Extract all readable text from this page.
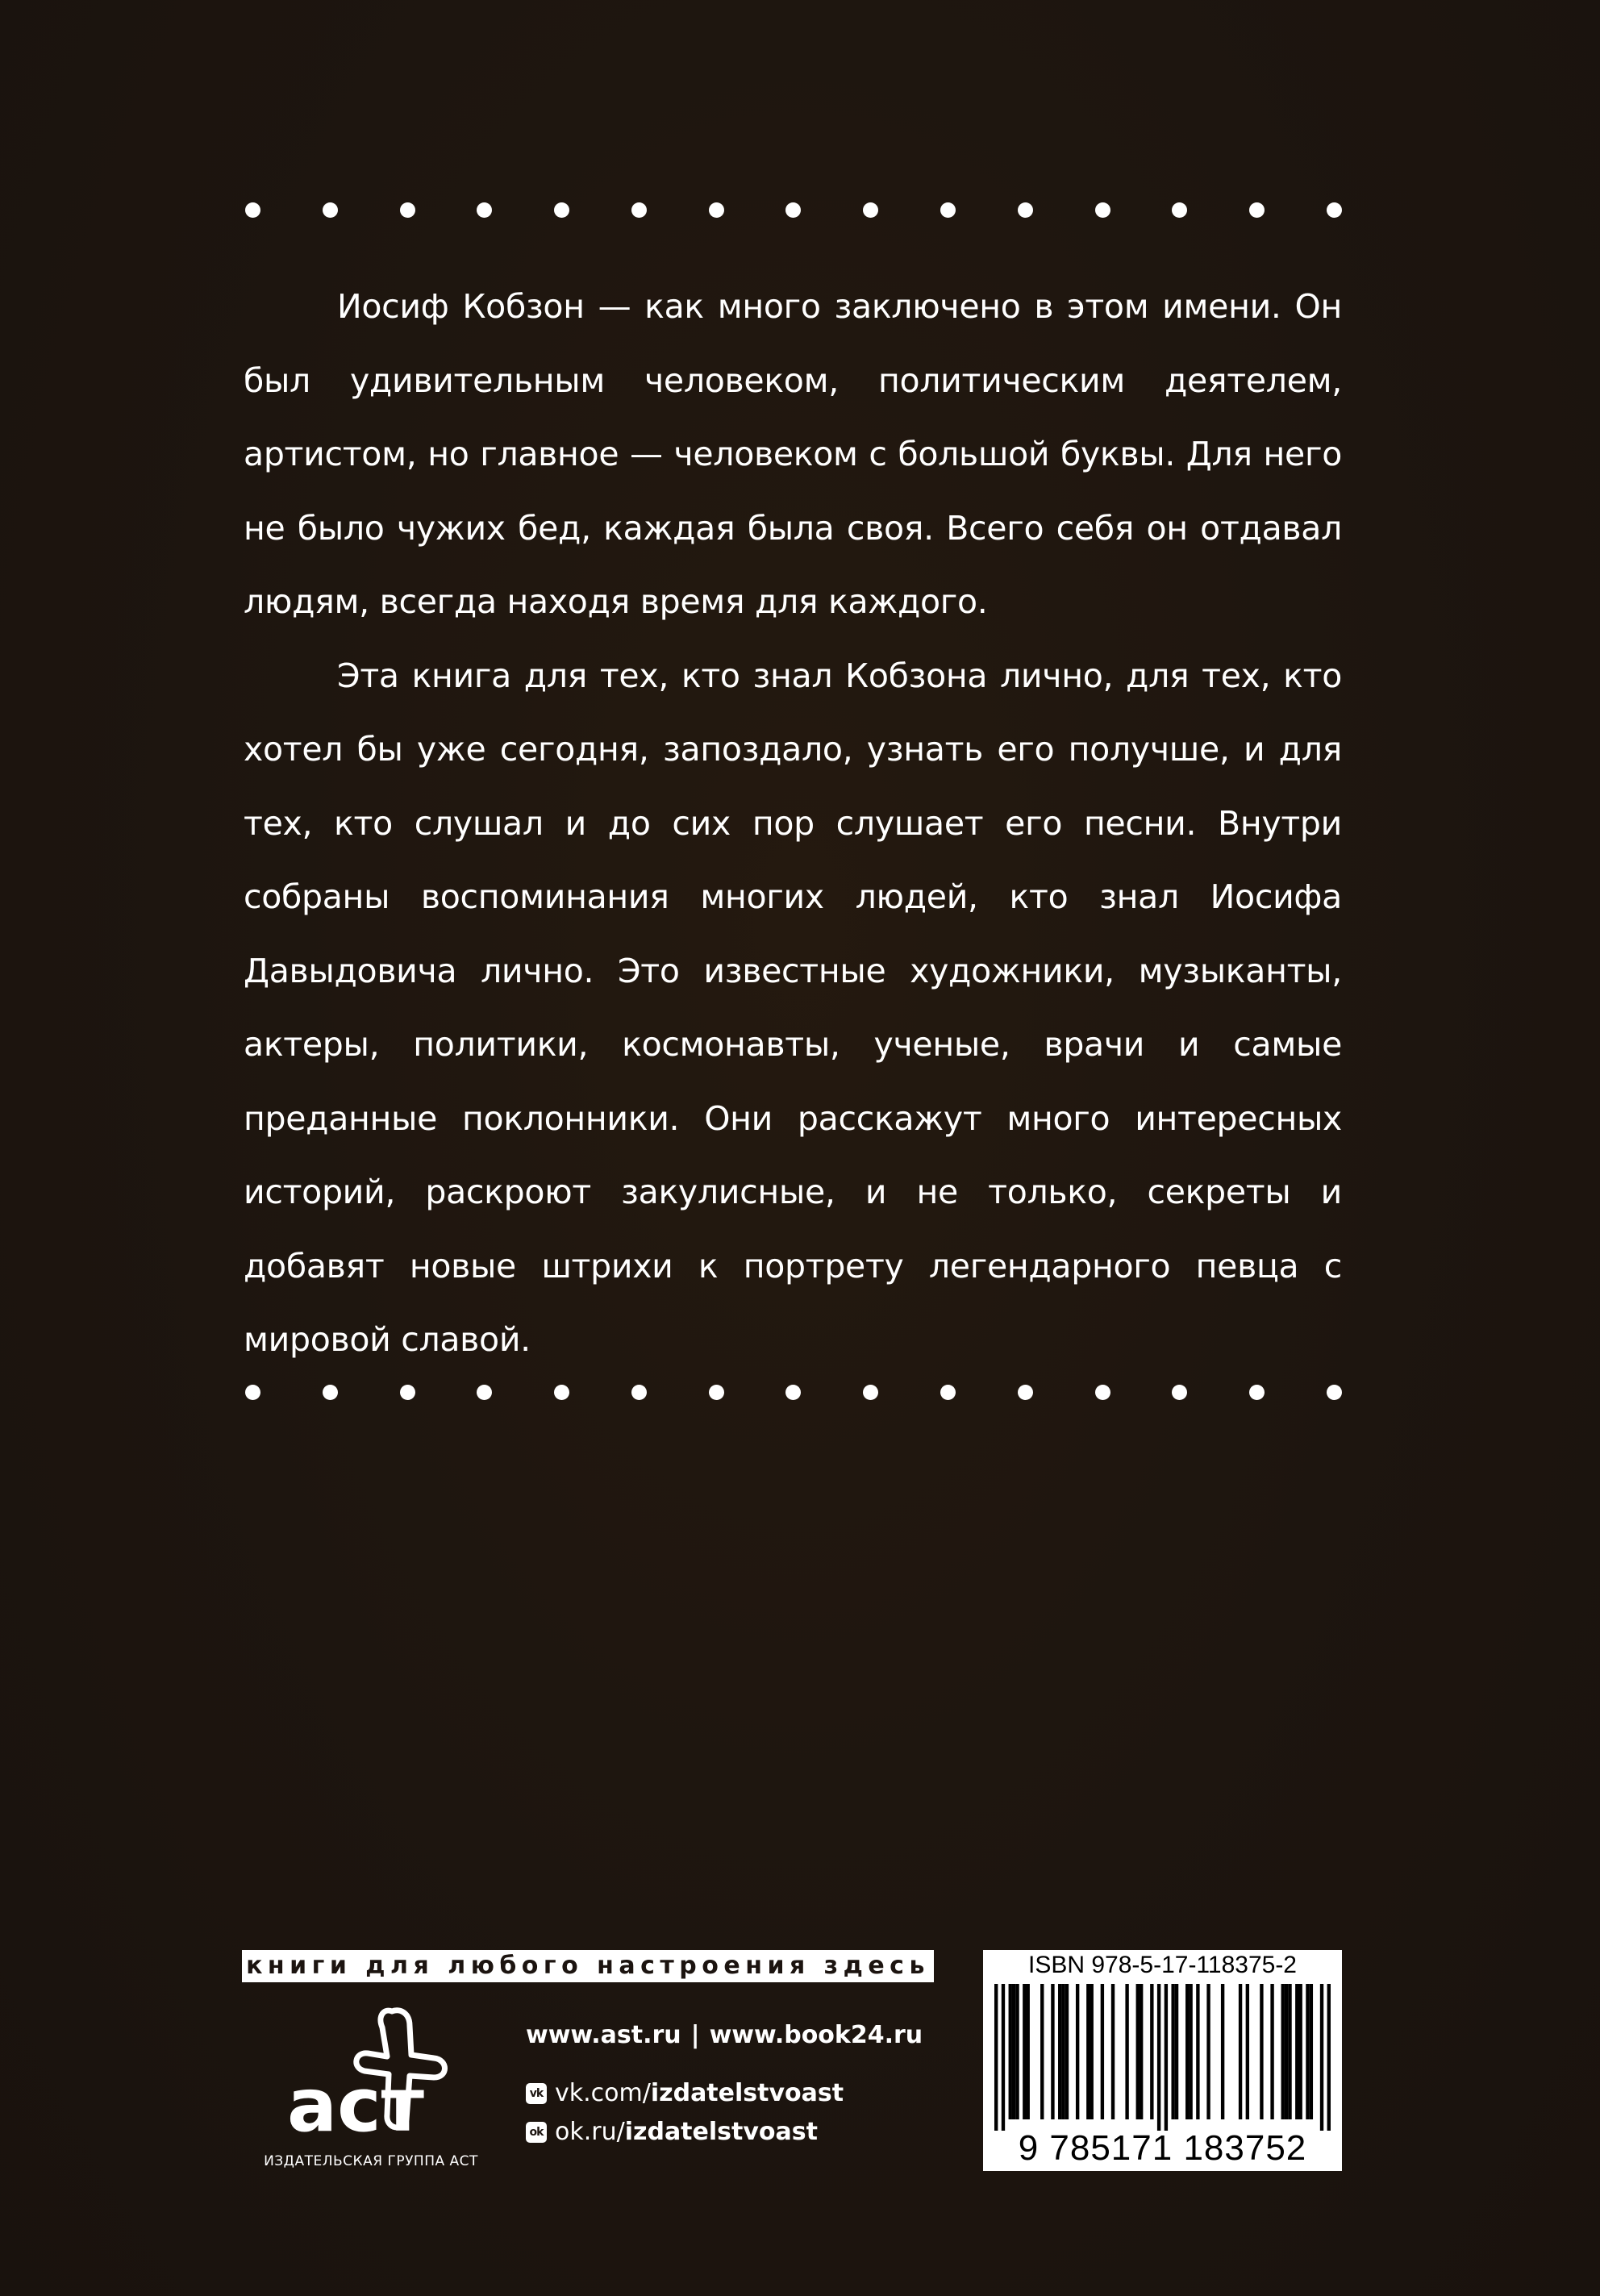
Иосиф Кобзон — как много заключено в этом имени. Он был удивительным человеком, политическим деятелем, артистом, но главное — человеком с большой буквы. Для него не было чужих бед, каждая была своя. Всего себя он отдавал людям, всегда находя время для каждого.

Эта книга для тех, кто знал Кобзона лично, для тех, кто хотел бы уже сегодня, запоздало, узнать его получше, и для тех, кто слушал и до сих пор слушает его песни. Внутри собраны воспоминания многих людей, кто знал Иосифа Давыдовича лично. Это известные художники, музыканты, актеры, политики, космонавты, ученые, врачи и самые преданные поклонники. Они расскажут много интересных историй, раскроют закулисные, и не только, секреты и добавят новые штрихи к портрету легендарного певца с мировой славой.

книги для любого настроения здесь
аст
ИЗДАТЕЛЬСКАЯ ГРУППА АСТ
www.ast.ru | www.book24.ru
vk vk.com/ izdatelstvoast
ok ok.ru/ izdatelstvoast
ISBN 978-5-17-118375-2
9 785171 183752
